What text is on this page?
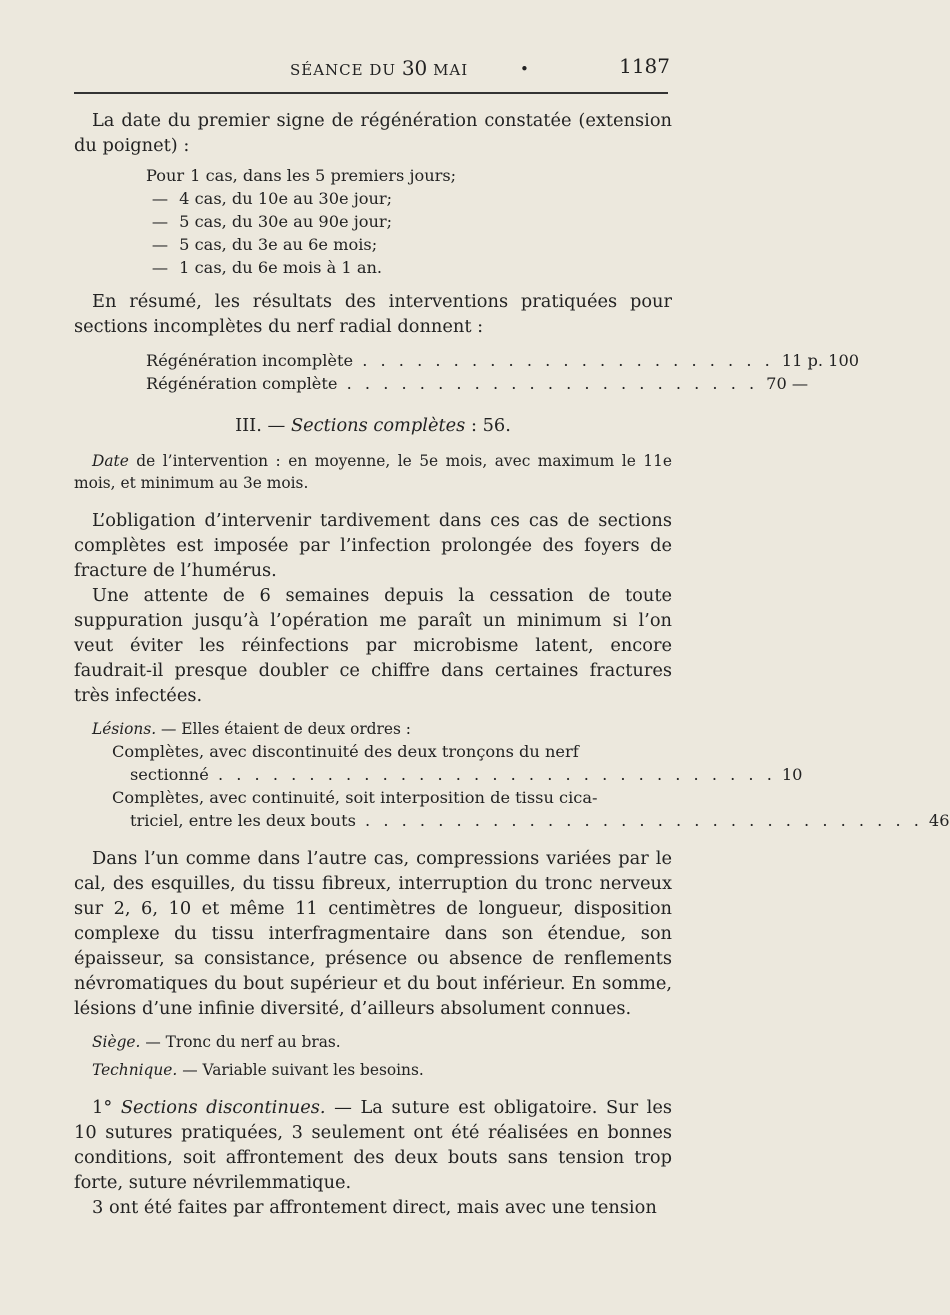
SÉANCE DU 30 MAI	•	1187

La date du premier signe de régénération constatée (extension du poignet) :

Pour 1 cas, dans les 5 premiers jours;
— 4 cas, du 10e au 30e jour;
— 5 cas, du 30e au 90e jour;
— 5 cas, du 3e au 6e mois;
— 1 cas, du 6e mois à 1 an.

En résumé, les résultats des interventions pratiquées pour sections incomplètes du nerf radial donnent :

Régénération incomplète . . . . . . . . . . . . . . . . . . . . . . . 11 p. 100
Régénération complète . . . . . . . . . . . . . . . . . . . . . . . 70 —
III. — Sections complètes : 56.

Date de l’intervention : en moyenne, le 5e mois, avec maximum le 11e mois, et minimum au 3e mois.

L’obligation d’intervenir tardivement dans ces cas de sections complètes est imposée par l’infection prolongée des foyers de fracture de l’humérus.

Une attente de 6 semaines depuis la cessation de toute suppuration jusqu’à l’opération me paraît un minimum si l’on veut éviter les réinfections par microbisme latent, encore faudrait-il presque doubler ce chiffre dans certaines fractures très infectées.

Lésions. — Elles étaient de deux ordres :

Complètes, avec discontinuité des deux tronçons du nerf
sectionné . . . . . . . . . . . . . . . . . . . . . . . . . . . . . . . 10
Complètes, avec continuité, soit interposition de tissu cica-
triciel, entre les deux bouts . . . . . . . . . . . . . . . . . . . . . . . . . . . . . . . 46

Dans l’un comme dans l’autre cas, compressions variées par le cal, des esquilles, du tissu fibreux, interruption du tronc nerveux sur 2, 6, 10 et même 11 centimètres de longueur, disposition complexe du tissu interfragmentaire dans son étendue, son épaisseur, sa consistance, présence ou absence de renflements névromatiques du bout supérieur et du bout inférieur. En somme, lésions d’une infinie diversité, d’ailleurs absolument connues.

Siège. — Tronc du nerf au bras.

Technique. — Variable suivant les besoins.

1° Sections discontinues. — La suture est obligatoire. Sur les 10 sutures pratiquées, 3 seulement ont été réalisées en bonnes conditions, soit affrontement des deux bouts sans tension trop forte, suture névrilemmatique.

3 ont été faites par affrontement direct, mais avec une tension
